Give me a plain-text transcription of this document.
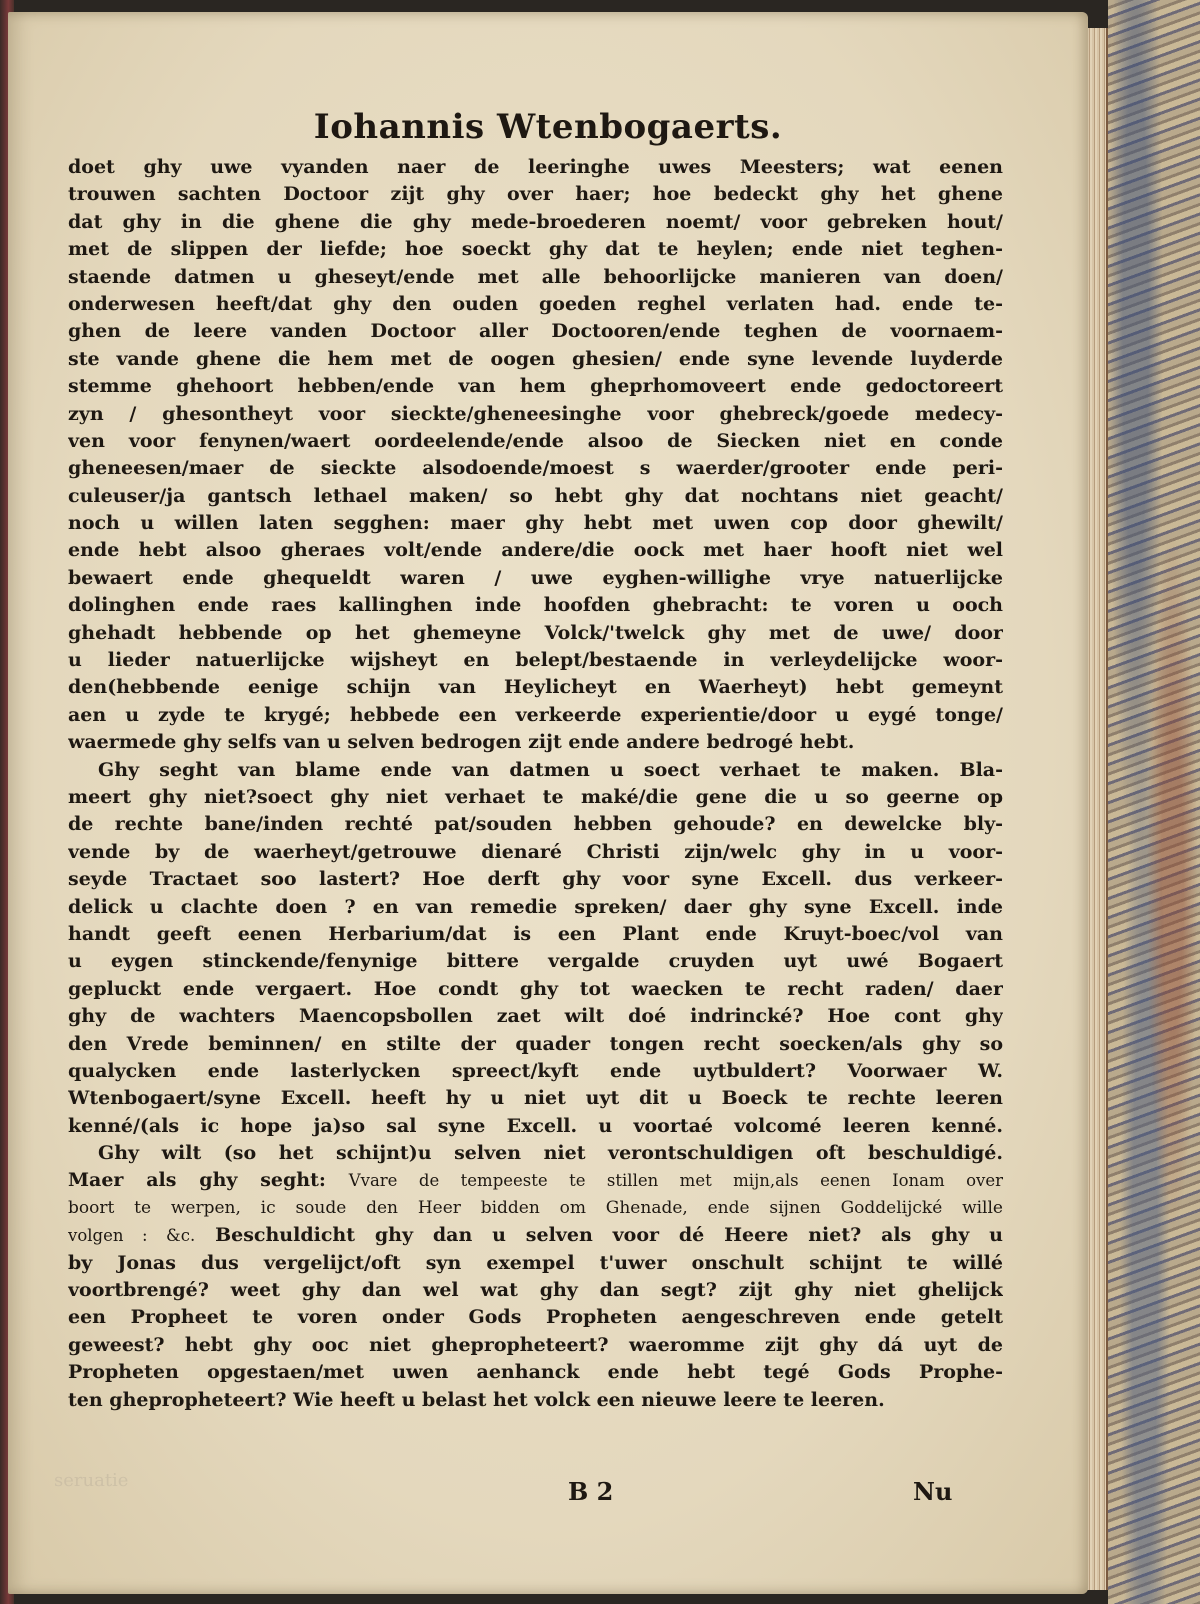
Iohannis Wtenbogaerts.
doet ghy uwe vyanden naer de leeringhe uwes Meesters; wat eenen
trouwen sachten Doctoor zijt ghy over haer; hoe bedeckt ghy het ghene
dat ghy in die ghene die ghy mede-broederen noemt/ voor gebreken hout/
met de slippen der liefde; hoe soeckt ghy dat te heylen; ende niet teghen-
staende datmen u gheseyt/ende met alle behoorlijcke manieren van doen/
onderwesen heeft/dat ghy den ouden goeden reghel verlaten had. ende te-
ghen de leere vanden Doctoor aller Doctooren/ende teghen de voornaem-
ste vande ghene die hem met de oogen ghesien/ ende syne levende luyderde
stemme ghehoort hebben/ende van hem gheprhomoveert ende gedoctoreert
zyn / ghesontheyt voor sieckte/gheneesinghe voor ghebreck/goede medecy-
ven voor fenynen/waert oordeelende/ende alsoo de Siecken niet en conde
gheneesen/maer de sieckte alsodoende/moest s waerder/grooter ende peri-
culeuser/ja gantsch lethael maken/ so hebt ghy dat nochtans niet geacht/
noch u willen laten segghen: maer ghy hebt met uwen cop door ghewilt/
ende hebt alsoo gheraes volt/ende andere/die oock met haer hooft niet wel
bewaert ende ghequeldt waren / uwe eyghen-willighe vrye natuerlijcke
dolinghen ende raes kallinghen inde hoofden ghebracht: te voren u ooch
ghehadt hebbende op het ghemeyne Volck/'twelck ghy met de uwe/ door
u lieder natuerlijcke wijsheyt en belept/bestaende in verleydelijcke woor-
den(hebbende eenige schijn van Heylicheyt en Waerheyt) hebt gemeynt
aen u zyde te krygé; hebbede een verkeerde experientie/door u eygé tonge/
waermede ghy selfs van u selven bedrogen zijt ende andere bedrogé hebt.
Ghy seght van blame ende van datmen u soect verhaet te maken. Bla-
meert ghy niet?soect ghy niet verhaet te maké/die gene die u so geerne op
de rechte bane/inden rechté pat/souden hebben gehoude? en dewelcke bly-
vende by de waerheyt/getrouwe dienaré Christi zijn/welc ghy in u voor-
seyde Tractaet soo lastert? Hoe derft ghy voor syne Excell. dus verkeer-
delick u clachte doen ? en van remedie spreken/ daer ghy syne Excell. inde
handt geeft eenen Herbarium/dat is een Plant ende Kruyt-boec/vol van
u eygen stinckende/fenynige bittere vergalde cruyden uyt uwé Bogaert
gepluckt ende vergaert. Hoe condt ghy tot waecken te recht raden/ daer
ghy de wachters Maencopsbollen zaet wilt doé indrincké? Hoe cont ghy
den Vrede beminnen/ en stilte der quader tongen recht soecken/als ghy so
qualycken ende lasterlycken spreect/kyft ende uytbuldert? Voorwaer W.
Wtenbogaert/syne Excell. heeft hy u niet uyt dit u Boeck te rechte leeren
kenné/(als ic hope ja)so sal syne Excell. u voortaé volcomé leeren kenné.
Ghy wilt (so het schijnt)u selven niet verontschuldigen oft beschuldigé.
Maer als ghy seght: Vvare de tempeeste te stillen met mijn,als eenen Ionam over
boort te werpen, ic soude den Heer bidden om Ghenade, ende sijnen Goddelijcké wille
volgen : &c. Beschuldicht ghy dan u selven voor dé Heere niet? als ghy u
by Jonas dus vergelijct/oft syn exempel t'uwer onschult schijnt te willé
voortbrengé? weet ghy dan wel wat ghy dan segt? zijt ghy niet ghelijck
een Propheet te voren onder Gods Propheten aengeschreven ende getelt
geweest? hebt ghy ooc niet ghepropheteert? waeromme zijt ghy dá uyt de
Propheten opgestaen/met uwen aenhanck ende hebt tegé Gods Prophe-
ten ghepropheteert? Wie heeft u belast het volck een nieuwe leere te leeren.
seruatie	B 2	Nu
